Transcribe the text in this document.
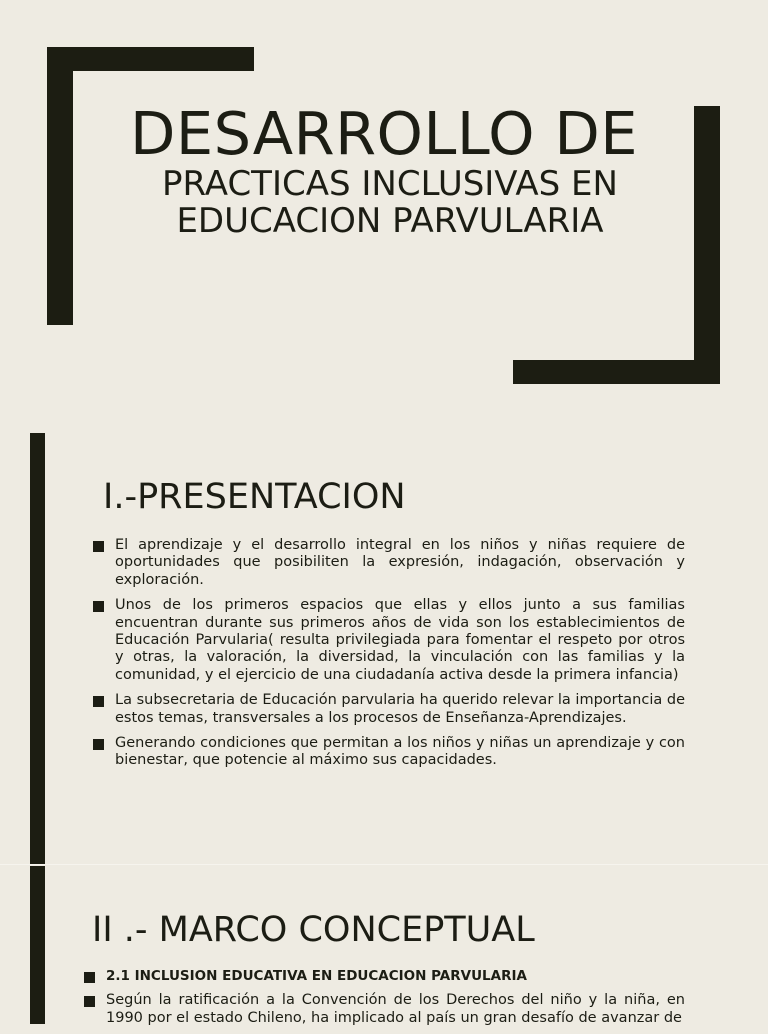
DESARROLLO DE
PRACTICAS INCLUSIVAS EN
EDUCACION PARVULARIA
I.-PRESENTACION
El aprendizaje y el desarrollo integral en los niños y niñas requiere de oportunidades que posibiliten la expresión, indagación, observación y exploración.
Unos de los primeros espacios que ellas y ellos junto a sus familias encuentran durante sus primeros años de vida son los establecimientos de Educación Parvularia( resulta privilegiada para fomentar el respeto por otros y otras, la valoración, la diversidad, la vinculación con las familias y la comunidad, y el ejercicio de una ciudadanía activa desde la primera infancia)
La subsecretaria de Educación parvularia ha querido relevar la importancia de estos temas, transversales a los procesos de Enseñanza-Aprendizajes.
Generando condiciones que permitan a los niños y niñas un aprendizaje y con bienestar, que potencie al máximo sus capacidades.
II .- MARCO CONCEPTUAL
2.1 INCLUSION EDUCATIVA EN EDUCACION PARVULARIA
Según la ratificación a la Convención de los Derechos del niño y la niña, en 1990 por el estado Chileno, ha implicado al país un gran desafío de avanzar de
